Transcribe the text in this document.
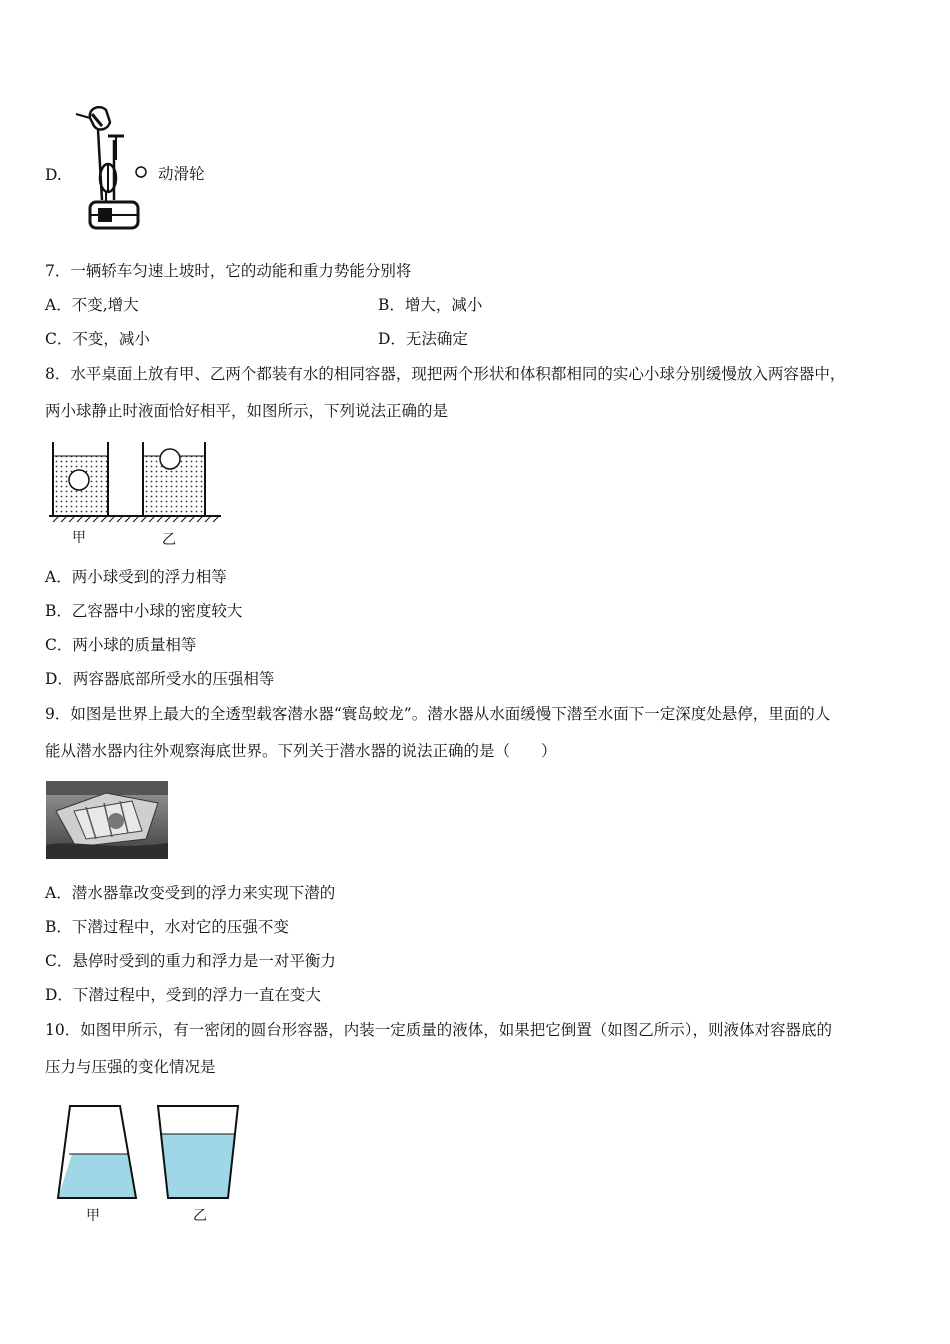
D.	动滑轮
7．一辆轿车匀速上坡时，它的动能和重力势能分别将
A．不变,增大	B．增大，减小
C．不变，减小	D．无法确定
8．水平桌面上放有甲、乙两个都装有水的相同容器，现把两个形状和体积都相同的实心小球分别缓慢放入两容器中，
两小球静止时液面恰好相平，如图所示，下列说法正确的是
甲	乙
A．两小球受到的浮力相等
B．乙容器中小球的密度较大
C．两小球的质量相等
D．两容器底部所受水的压强相等
9．如图是世界上最大的全透型载客潜水器“寰岛蛟龙”。潜水器从水面缓慢下潜至水面下一定深度处悬停，里面的人
能从潜水器内往外观察海底世界。下列关于潜水器的说法正确的是（　　）
A．潜水器靠改变受到的浮力来实现下潜的
B．下潜过程中，水对它的压强不变
C．悬停时受到的重力和浮力是一对平衡力
D．下潜过程中，受到的浮力一直在变大
10．如图甲所示，有一密闭的圆台形容器，内装一定质量的液体，如果把它倒置（如图乙所示），则液体对容器底的
压力与压强的变化情况是
甲	乙
